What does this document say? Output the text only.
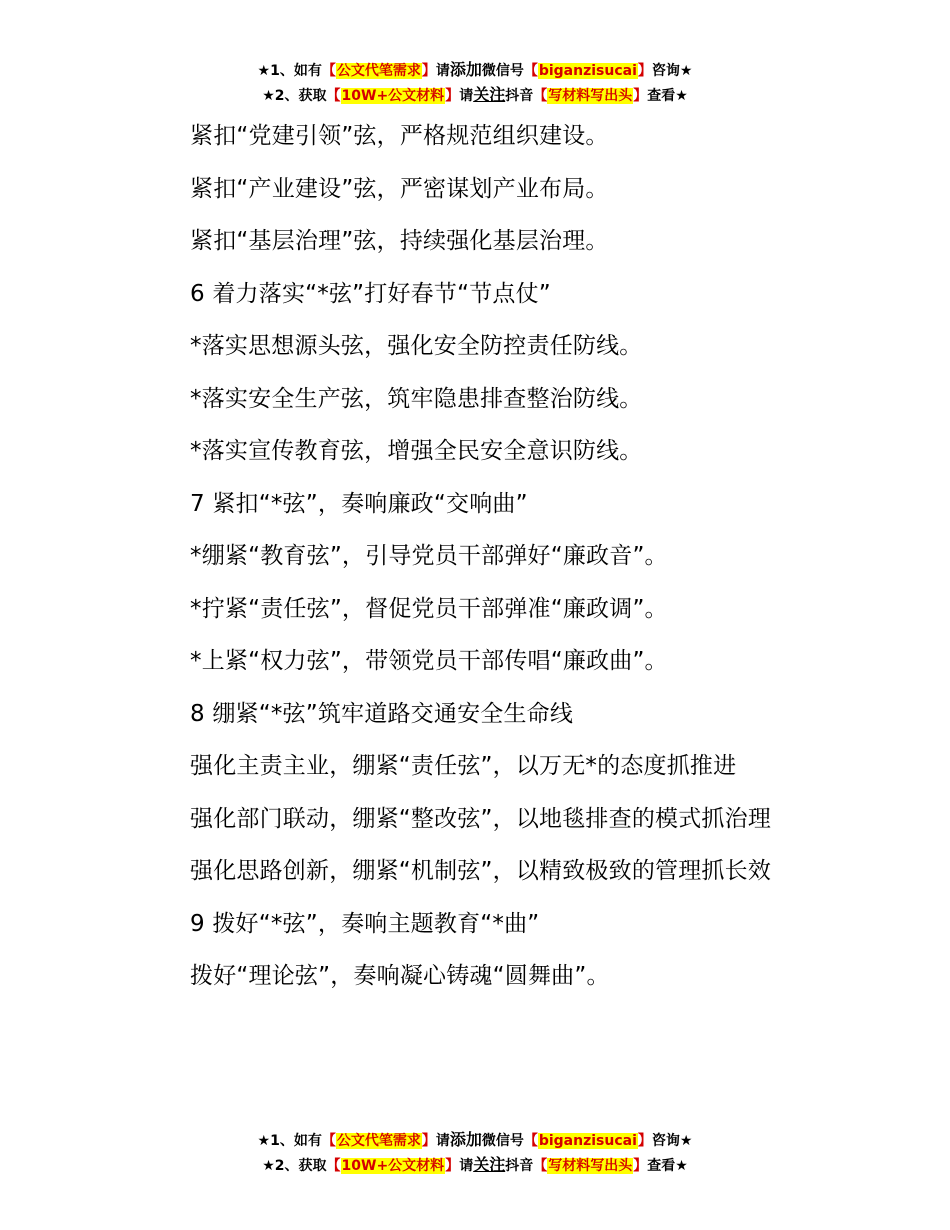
★1、如有【公文代笔需求】请添加微信号【biganzisucai】咨询★
★2、获取【10W+公文材料】请关注抖音【写材料写出头】查看★

紧扣“党建引领”弦，严格规范组织建设。

紧扣“产业建设”弦，严密谋划产业布局。

紧扣“基层治理”弦，持续强化基层治理。

6 着力落实“*弦”打好春节“节点仗”

*落实思想源头弦，强化安全防控责任防线。

*落实安全生产弦，筑牢隐患排查整治防线。

*落实宣传教育弦，增强全民安全意识防线。

7 紧扣“*弦”，奏响廉政“交响曲”

*绷紧“教育弦”，引导党员干部弹好“廉政音”。

*拧紧“责任弦”，督促党员干部弹准“廉政调”。

*上紧“权力弦”，带领党员干部传唱“廉政曲”。

8 绷紧“*弦”筑牢道路交通安全生命线

强化主责主业，绷紧“责任弦”，以万无*的态度抓推进

强化部门联动，绷紧“整改弦”，以地毯排查的模式抓治理

强化思路创新，绷紧“机制弦”，以精致极致的管理抓长效

9 拨好“*弦”，奏响主题教育“*曲”

拨好“理论弦”，奏响凝心铸魂“圆舞曲”。

★1、如有【公文代笔需求】请添加微信号【biganzisucai】咨询★
★2、获取【10W+公文材料】请关注抖音【写材料写出头】查看★
